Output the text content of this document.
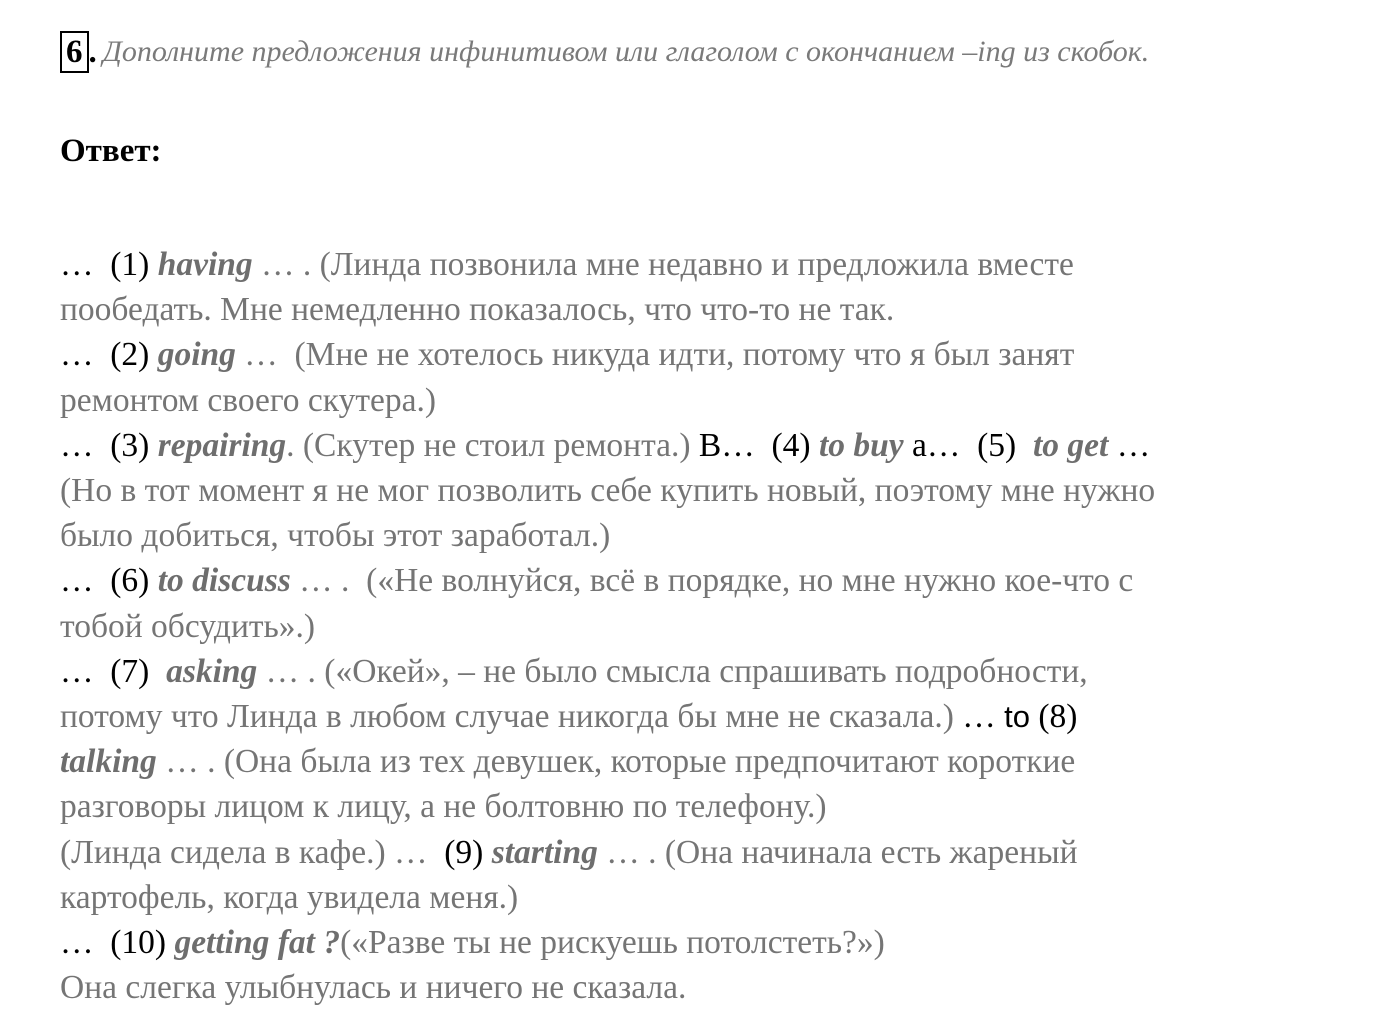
6 . Дополните предложения инфинитивом или глаголом с окончанием –ing из скобок.
Ответ:
… (1) having … . (Линда позвонила мне недавно и предложила вместе
пообедать. Мне немедленно показалось, что что-то не так.
… (2) going … (Мне не хотелось никуда идти, потому что я был занят
ремонтом своего скутера.)
… (3) repairing. (Скутер не стоил ремонта.) В… (4) to buy a… (5) to get …
(Но в тот момент я не мог позволить себе купить новый, поэтому мне нужно
было добиться, чтобы этот заработал.)
… (6) to discuss … . («Не волнуйся, всё в порядке, но мне нужно кое-что с
тобой обсудить».)
… (7) asking … . («Окей», – не было смысла спрашивать подробности,
потому что Линда в любом случае никогда бы мне не сказала.) … to (8)
talking … . (Она была из тех девушек, которые предпочитают короткие
разговоры лицом к лицу, а не болтовню по телефону.)
(Линда сидела в кафе.) … (9) starting … . (Она начинала есть жареный
картофель, когда увидела меня.)
… (10) getting fat ?(«Разве ты не рискуешь потолстеть?»)
Она слегка улыбнулась и ничего не сказала.
